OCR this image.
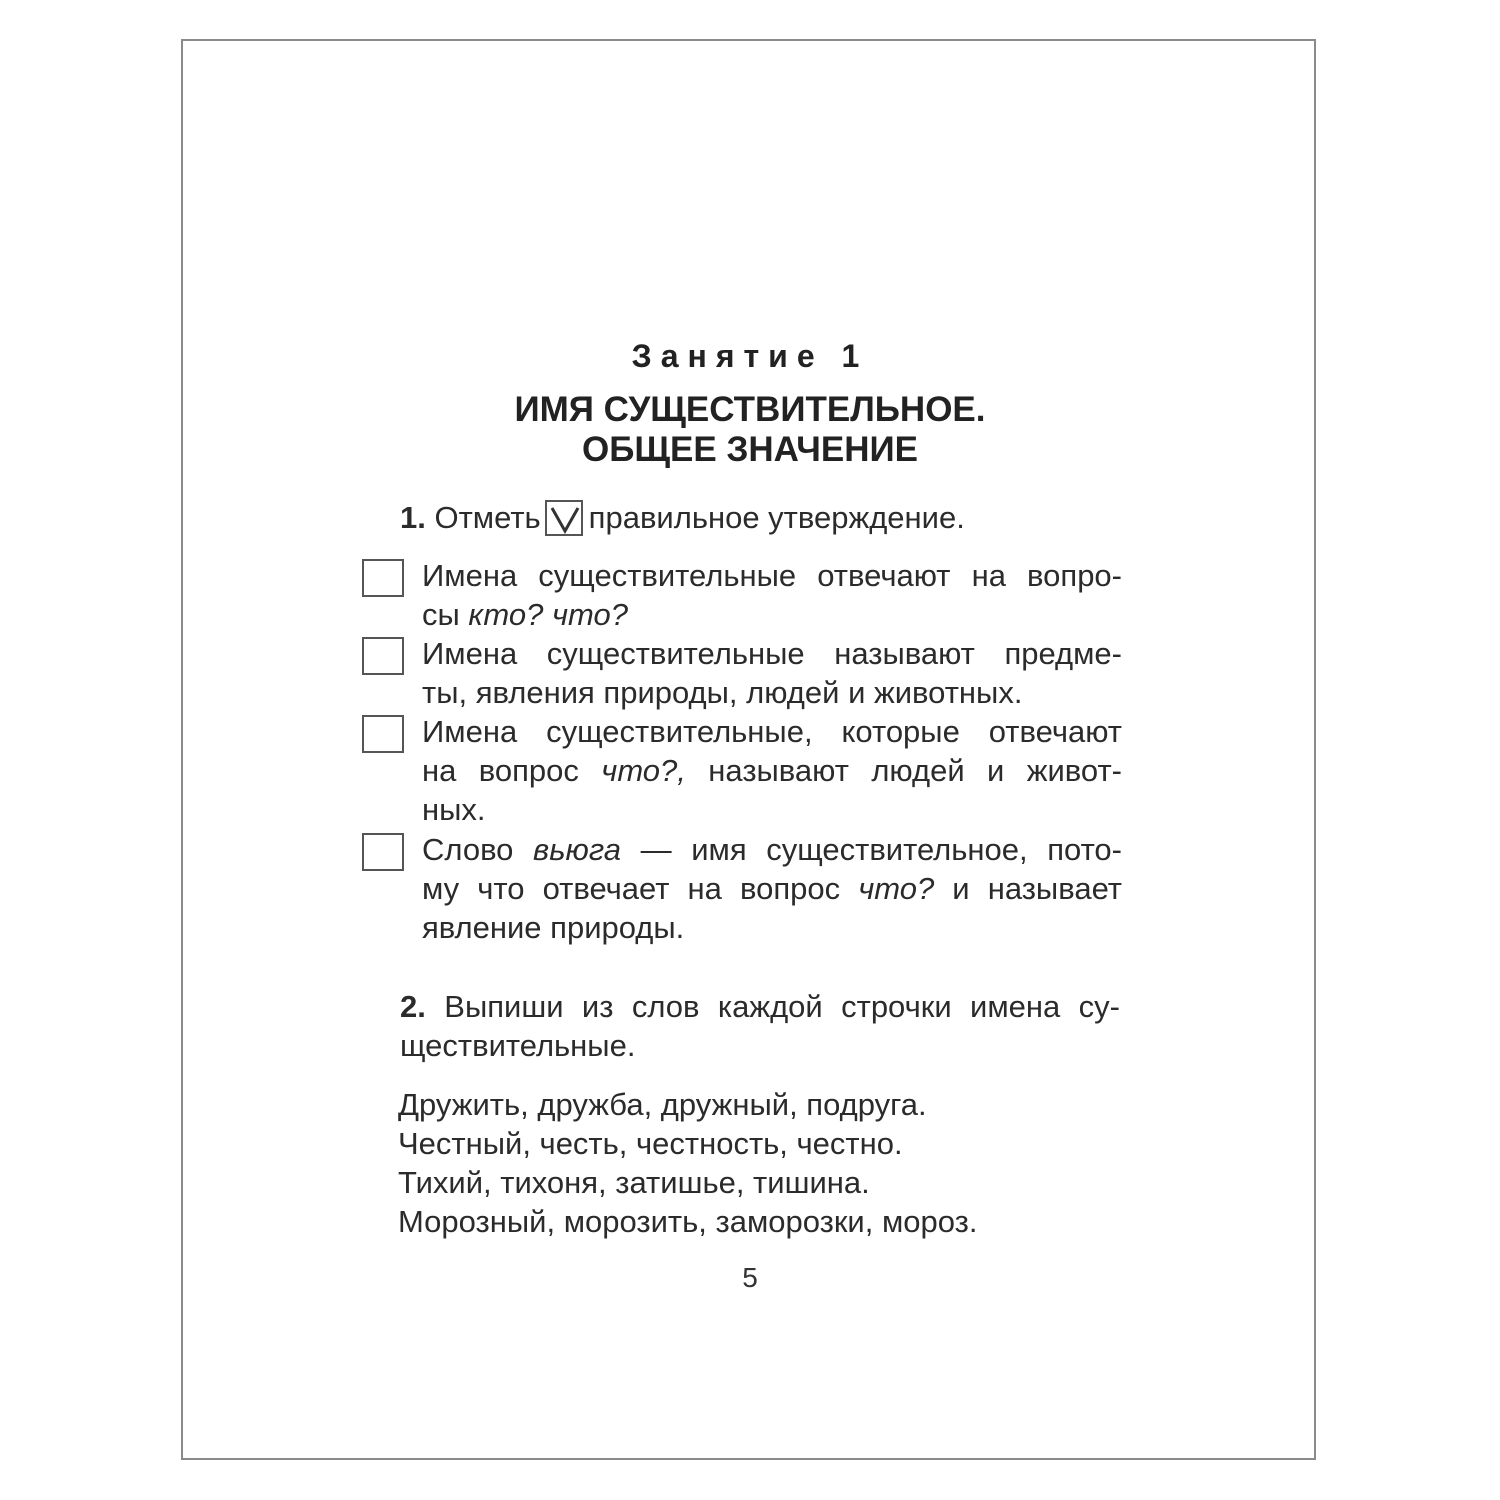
Занятие 1
ИМЯ СУЩЕСТВИТЕЛЬНОЕ.
ОБЩЕЕ ЗНАЧЕНИЕ
1. Отметь правильное утверждение.
Имена существительные отвечают на вопро-
сы кто? что?
Имена существительные называют предме-
ты, явления природы, людей и животных.
Имена существительные, которые отвечают
на вопрос что?, называют людей и живот-
ных.
Слово вьюга — имя существительное, пото-
му что отвечает на вопрос что? и называет
явление природы.
2. Выпиши из слов каждой строчки имена су-
ществительные.
Дружить, дружба, дружный, подруга.
Честный, честь, честность, честно.
Тихий, тихоня, затишье, тишина.
Морозный, морозить, заморозки, мороз.
5
